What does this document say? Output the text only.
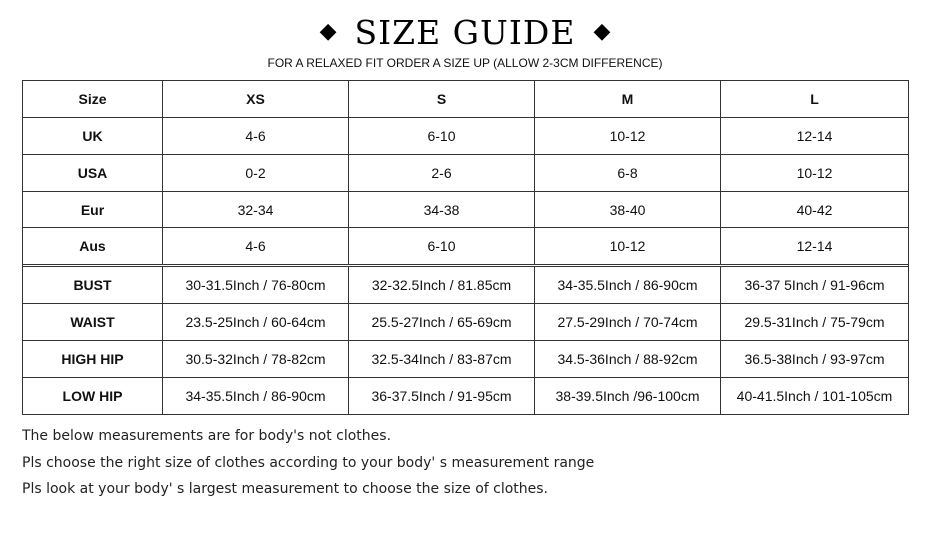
◆ SIZE GUIDE ◆
FOR A RELAXED FIT ORDER A SIZE UP (ALLOW 2-3CM DIFFERENCE)
Size	XS	S	M	L
UK	4-6	6-10	10-12	12-14
USA	0-2	2-6	6-8	10-12
Eur	32-34	34-38	38-40	40-42
Aus	4-6	6-10	10-12	12-14

BUST	30-31.5Inch / 76-80cm	32-32.5Inch / 81.85cm	34-35.5Inch / 86-90cm	36-37 5Inch / 91-96cm
WAIST	23.5-25Inch / 60-64cm	25.5-27Inch / 65-69cm	27.5-29Inch / 70-74cm	29.5-31Inch / 75-79cm
HIGH HIP	30.5-32Inch / 78-82cm	32.5-34Inch / 83-87cm	34.5-36Inch / 88-92cm	36.5-38Inch / 93-97cm
LOW HIP	34-35.5Inch / 86-90cm	36-37.5Inch / 91-95cm	38-39.5Inch /96-100cm	40-41.5Inch / 101-105cm
The below measurements are for body's not clothes.
Pls choose the right size of clothes according to your body' s measurement range
Pls look at your body' s largest measurement to choose the size of clothes.
